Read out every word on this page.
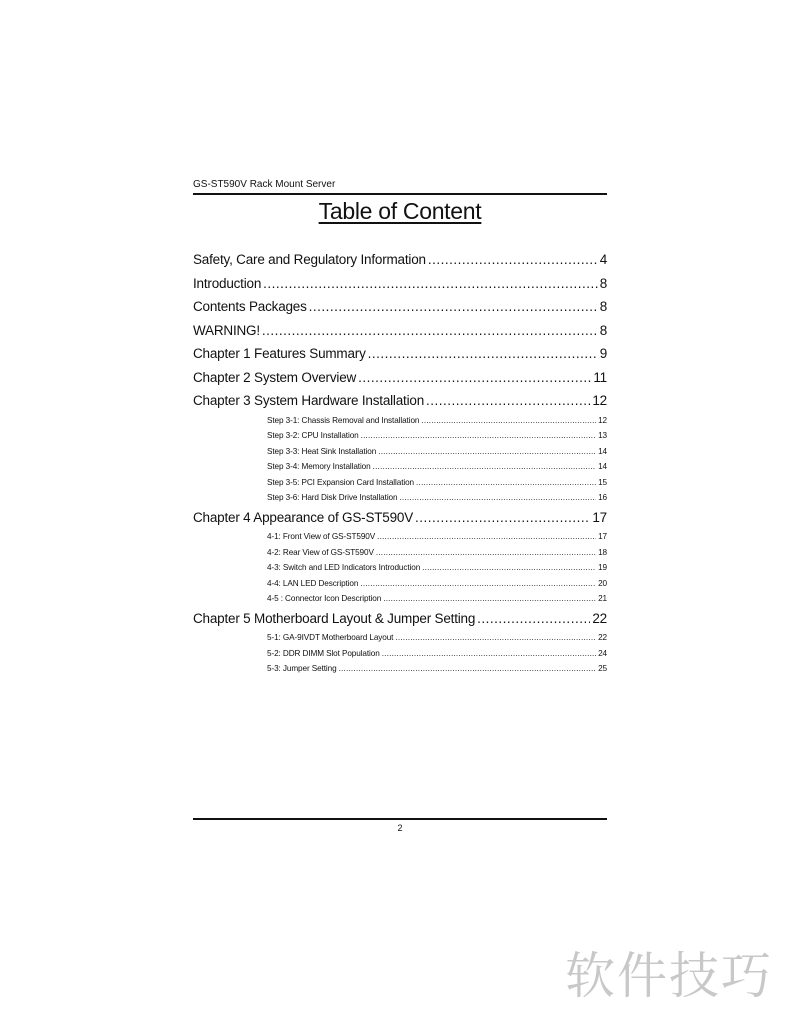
GS-ST590V Rack Mount Server
Table of Content
Safety, Care and Regulatory Information .....	4
Introduction .....	8
Contents Packages .....	8
WARNING! .....	8
Chapter 1 Features Summary .....	9
Chapter 2 System Overview .....	11
Chapter 3 System Hardware Installation .....	12
Step 3-1: Chassis Removal and Installation .....	12
Step 3-2: CPU Installation .....	13
Step 3-3: Heat Sink Installation .....	14
Step 3-4: Memory Installation .....	14
Step 3-5: PCI Expansion Card Installation .....	15
Step 3-6: Hard Disk Drive Installation .....	16
Chapter 4 Appearance of GS-ST590V .....	17
4-1: Front View of GS-ST590V .....	17
4-2: Rear View of GS-ST590V .....	18
4-3: Switch and LED Indicators Introduction .....	19
4-4: LAN LED Description .....	20
4-5 : Connector Icon Description .....	21
Chapter 5 Motherboard Layout & Jumper Setting .....	22
5-1: GA-9IVDT Motherboard Layout .....	22
5-2: DDR DIMM Slot Population .....	24
5-3: Jumper Setting .....	25
2
软件技巧
